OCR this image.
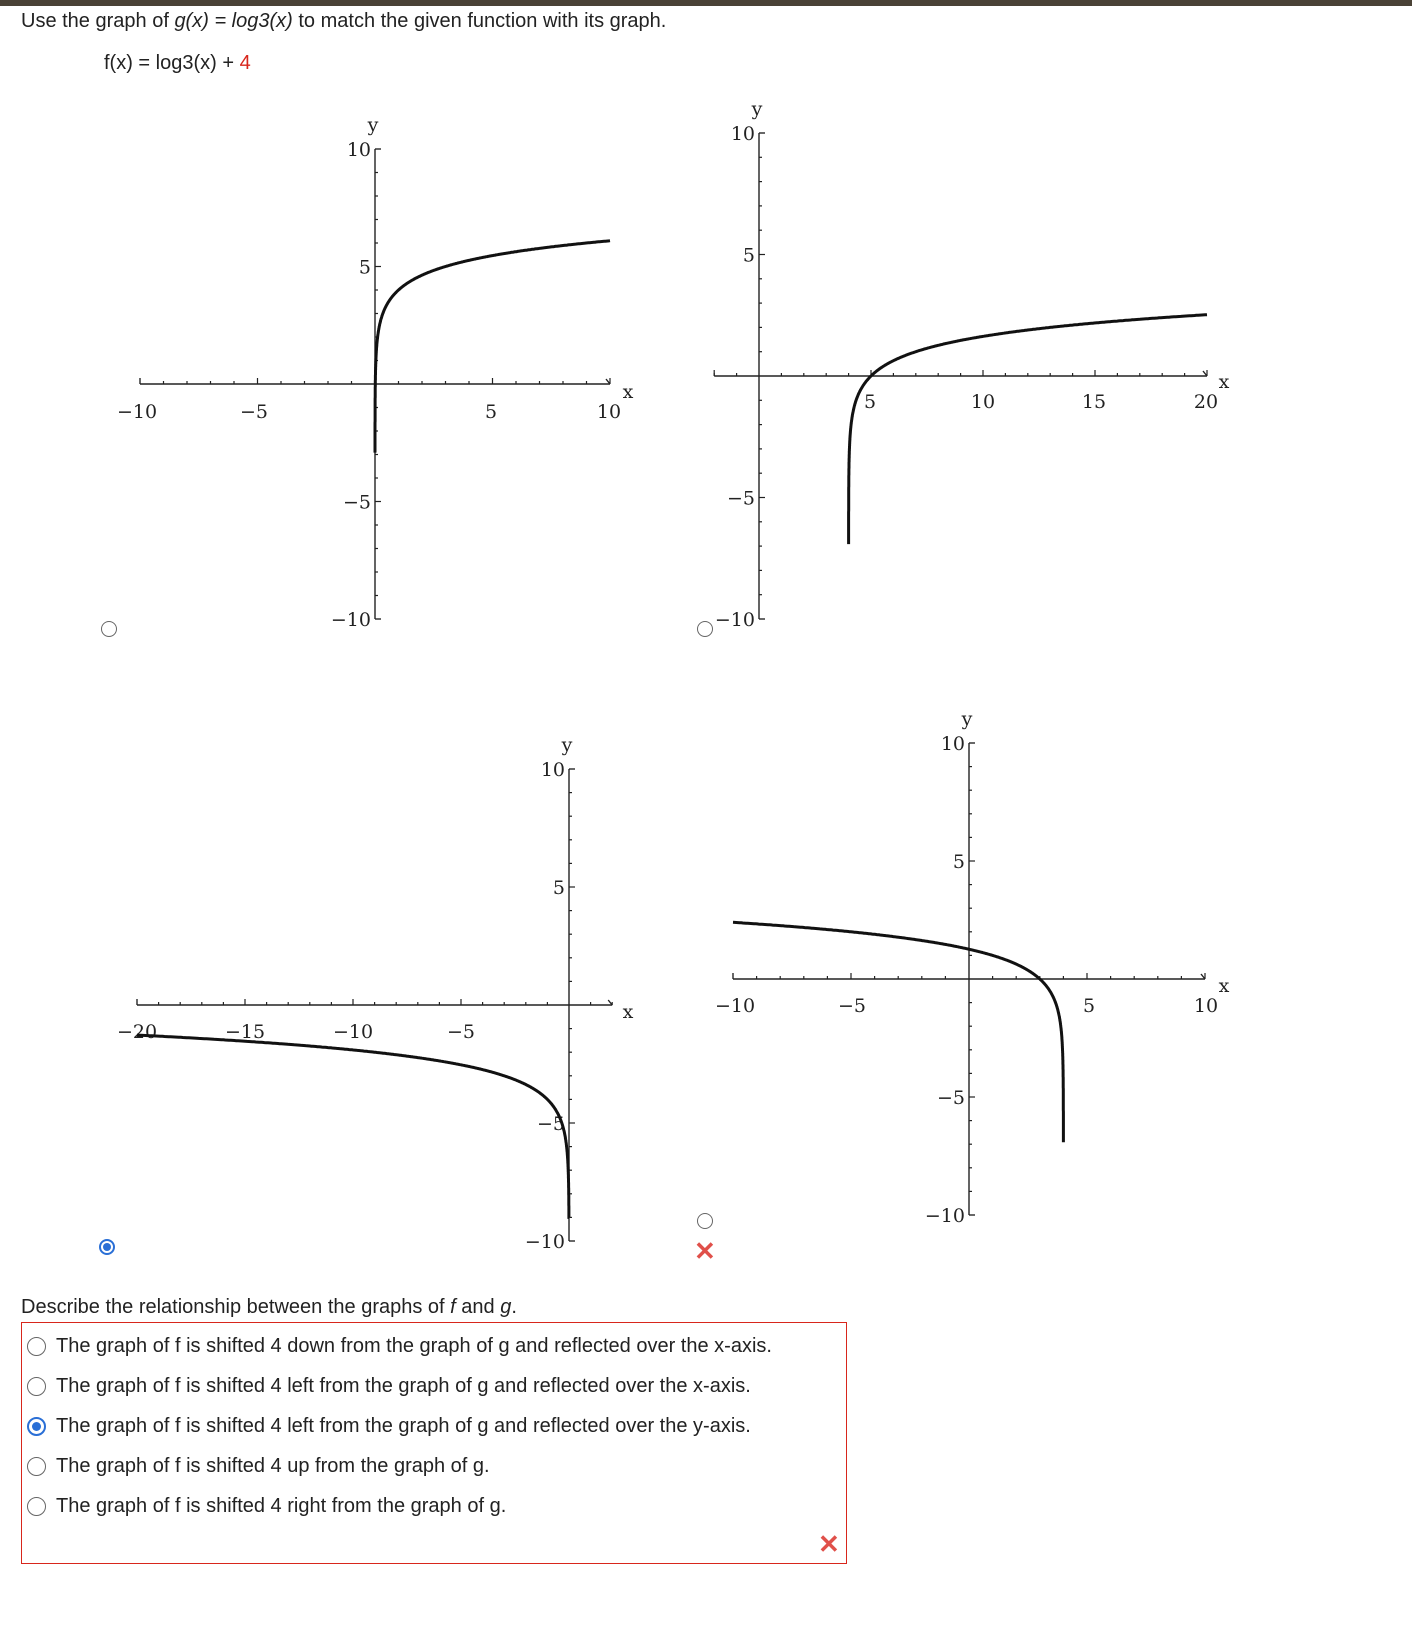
Use the graph of g(x) = log3(x) to match the given function with its graph.
f(x) = log3(x) + 4
−10	−5	5	10
10
5
−5
−10
x
y
5	10	15	20
10
5
−5
−10
x
y
−20	−15	−10	−5
10
5
−5
−10
x
y
−10	−5	5	10
10
5
−5
−10
x
y
✕
Describe the relationship between the graphs of f and g.
The graph of f is shifted 4 down from the graph of g and reflected over the x-axis.
The graph of f is shifted 4 left from the graph of g and reflected over the x-axis.
The graph of f is shifted 4 left from the graph of g and reflected over the y-axis.
The graph of f is shifted 4 up from the graph of g.
The graph of f is shifted 4 right from the graph of g.
✕
